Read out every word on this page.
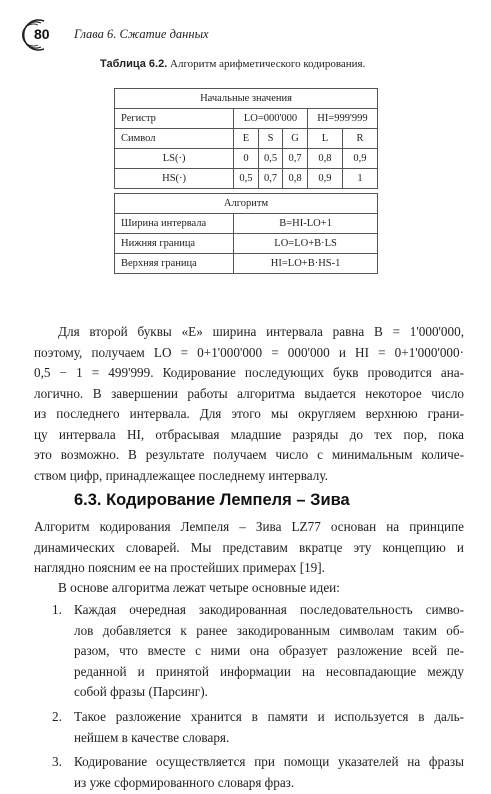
80 Глава 6. Сжатие данных
Таблица 6.2. Алгоритм арифметического кодирования.
Начальные значения					
Регистр	LO=000'000			HI=999'999	
Символ	E	S	G	L	R
LS(·)	0	0,5	0,7	0,8	0,9
HS(·)	0,5	0,7	0,8	0,9	1

Алгоритм					
Ширина интервала	B=HI-LO+1				
Нижняя граница	LO=LO+B·LS				
Верхняя граница	HI=LO+B·HS-1				
Для второй буквы «E» ширина интервала равна B = 1'000'000,
поэтому, получаем LO = 0+1'000'000 = 000'000 и HI = 0+1'000'000·
0,5 − 1 = 499'999. Кодирование последующих букв проводится ана-
логично. В завершении работы алгоритма выдается некоторое число
из последнего интервала. Для этого мы округляем верхнюю грани-
цу интервала HI, отбрасывая младшие разряды до тех пор, пока
это возможно. В результате получаем число с минимальным количе-
ством цифр, принадлежащее последнему интервалу.
6.3. Кодирование Лемпеля – Зива
Алгоритм кодирования Лемпеля – Зива LZ77 основан на принципе
динамических словарей. Мы представим вкратце эту концепцию и
наглядно поясним ее на простейших примерах [19].
В основе алгоритма лежат четыре основные идеи:
1. Каждая очередная закодированная последовательность симво-
лов добавляется к ранее закодированным символам таким об-
разом, что вместе с ними она образует разложение всей пе-
реданной и принятой информации на несовпадающие между
собой фразы (Парсинг).
2. Такое разложение хранится в памяти и используется в даль-
нейшем в качестве словаря.
3. Кодирование осуществляется при помощи указателей на фразы
из уже сформированного словаря фраз.
